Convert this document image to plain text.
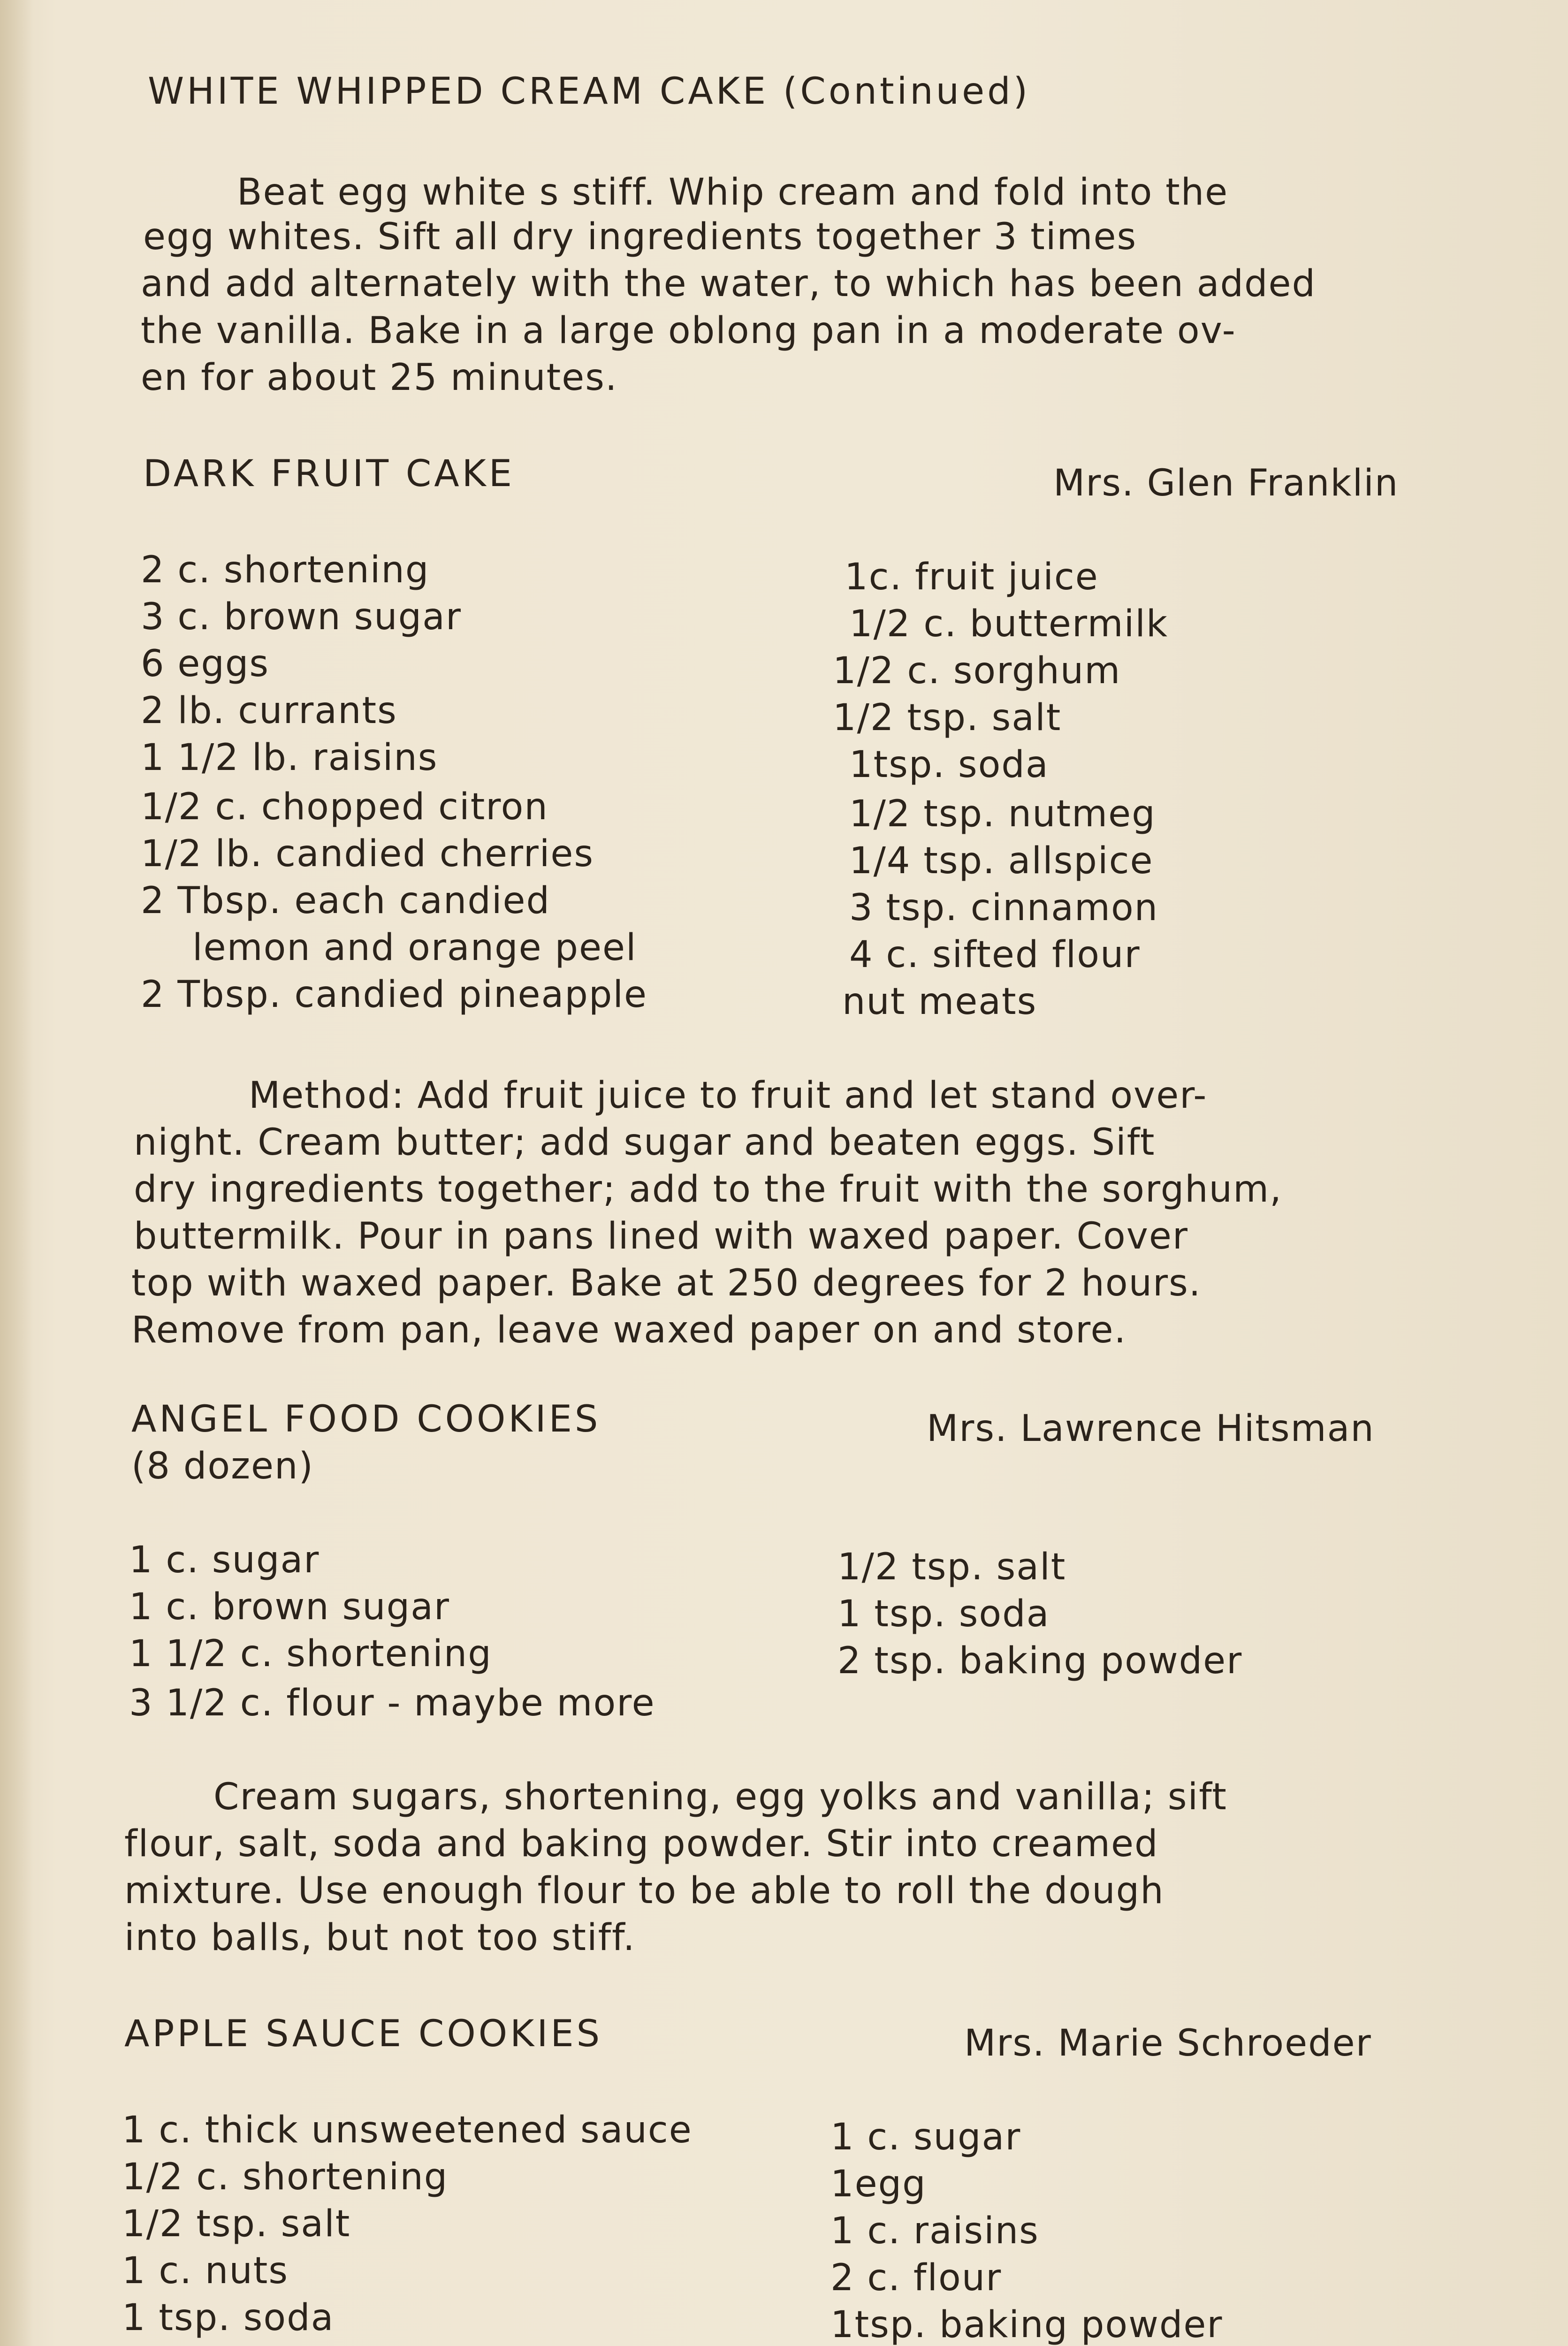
WHITE WHIPPED CREAM CAKE (Continued)
Beat egg white s stiff. Whip cream and fold into the
egg whites. Sift all dry ingredients together 3 times
and add alternately with the water, to which has been added
the vanilla. Bake in a large oblong pan in a moderate ov-
en for about 25 minutes.
DARK FRUIT CAKE	Mrs. Glen Franklin
2 c. shortening
3 c. brown sugar
6 eggs
2 lb. currants
1 1/2 lb. raisins
1/2 c. chopped citron
1/2 lb. candied cherries
2 Tbsp. each candied
lemon and orange peel
2 Tbsp. candied pineapple
1c. fruit juice
1/2 c. buttermilk
1/2 c. sorghum
1/2 tsp. salt
1tsp. soda
1/2 tsp. nutmeg
1/4 tsp. allspice
3 tsp. cinnamon
4 c. sifted flour
nut meats
Method: Add fruit juice to fruit and let stand over-
night. Cream butter; add sugar and beaten eggs. Sift
dry ingredients together; add to the fruit with the sorghum,
buttermilk. Pour in pans lined with waxed paper. Cover
top with waxed paper. Bake at 250 degrees for 2 hours.
Remove from pan, leave waxed paper on and store.
ANGEL FOOD COOKIES
(8 dozen)
Mrs. Lawrence Hitsman
1 c. sugar
1 c. brown sugar
1 1/2 c. shortening
3 1/2 c. flour - maybe more
1/2 tsp. salt
1 tsp. soda
2 tsp. baking powder
Cream sugars, shortening, egg yolks and vanilla; sift
flour, salt, soda and baking powder. Stir into creamed
mixture. Use enough flour to be able to roll the dough
into balls, but not too stiff.
APPLE SAUCE COOKIES	Mrs. Marie Schroeder
1 c. thick unsweetened sauce
1/2 c. shortening
1/2 tsp. salt
1 c. nuts
1 tsp. soda
1 c. sugar
1egg
1 c. raisins
2 c. flour
1tsp. baking powder
